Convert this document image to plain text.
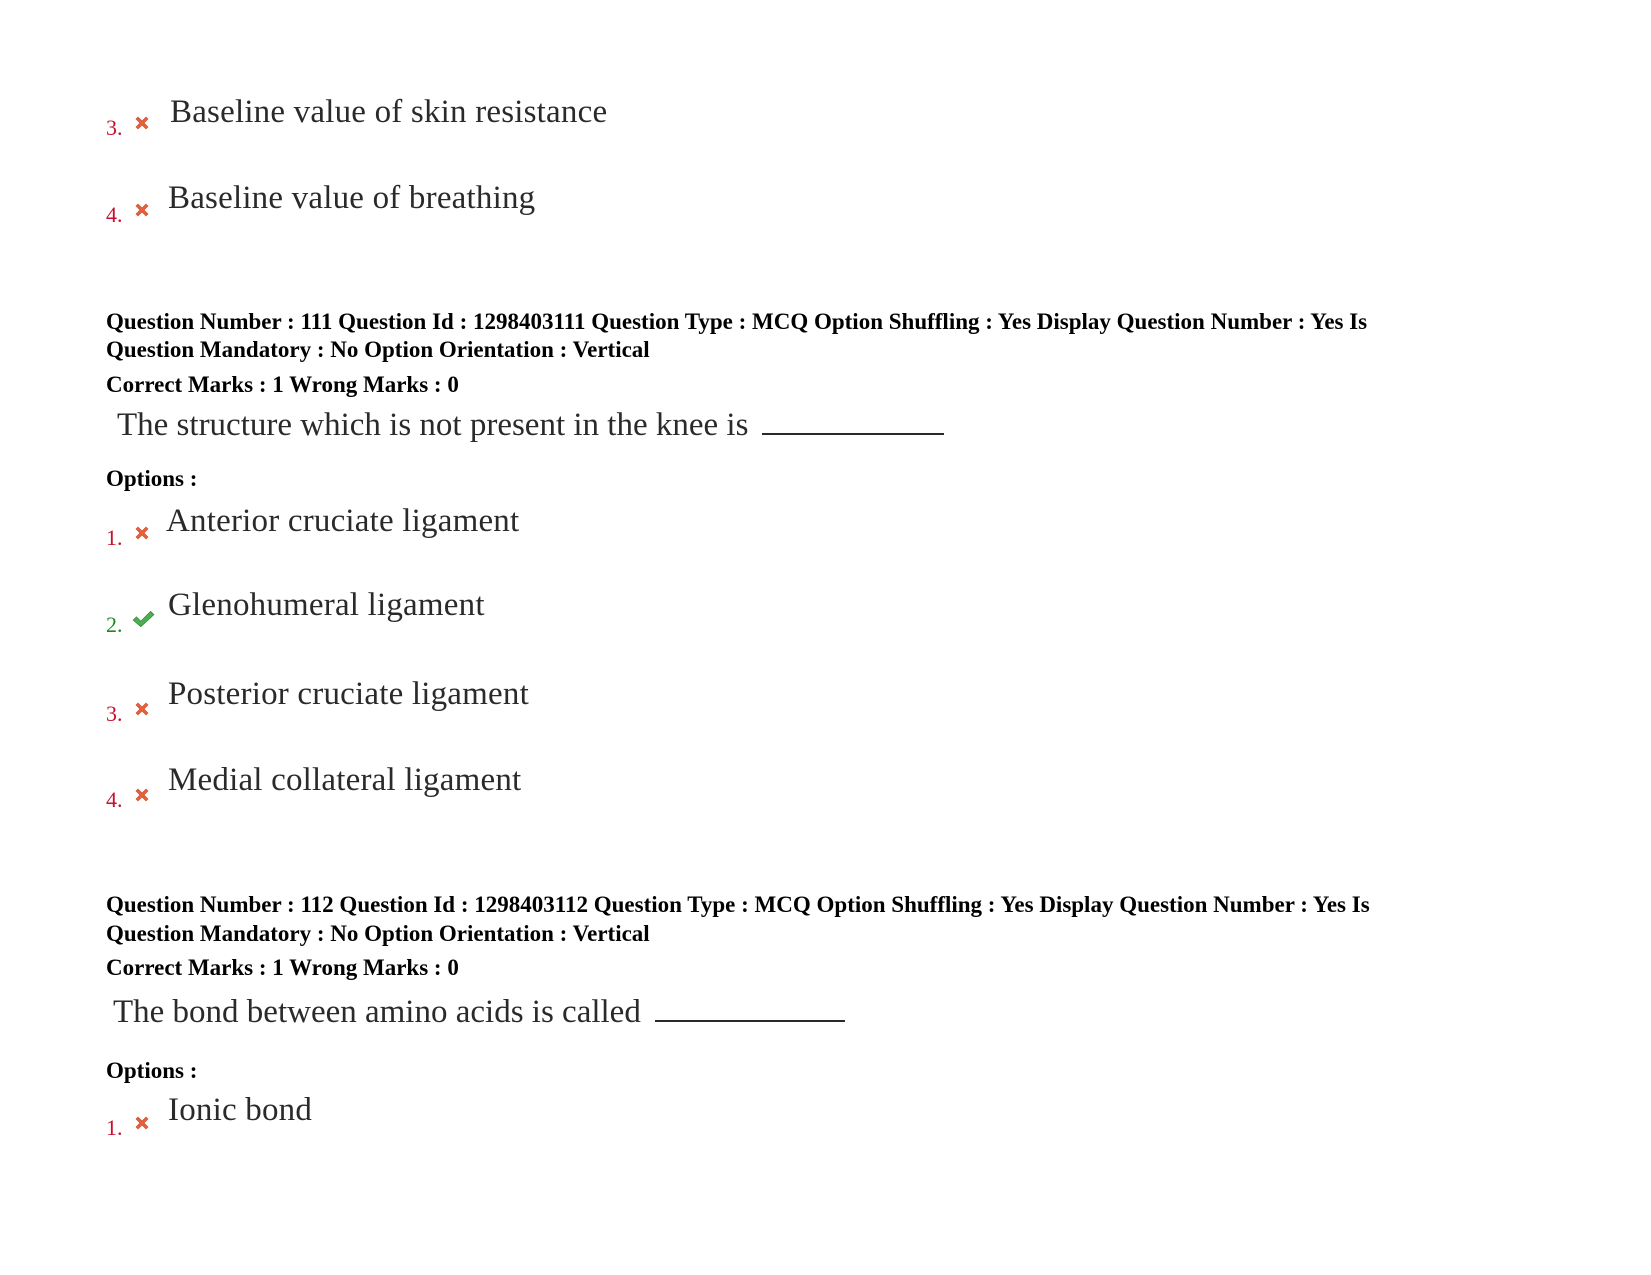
3. Baseline value of skin resistance
4. Baseline value of breathing
Question Number : 111 Question Id : 1298403111 Question Type : MCQ Option Shuffling : Yes Display Question Number : Yes Is
Question Mandatory : No Option Orientation : Vertical
Correct Marks : 1 Wrong Marks : 0
The structure which is not present in the knee is
Options :
1. Anterior cruciate ligament
2.
Glenohumeral ligament
3.
Posterior cruciate ligament
4.
Medial collateral ligament
Question Number : 112 Question Id : 1298403112 Question Type : MCQ Option Shuffling : Yes Display Question Number : Yes Is
Question Mandatory : No Option Orientation : Vertical
Correct Marks : 1 Wrong Marks : 0
The bond between amino acids is called
Options :
1. Ionic bond
